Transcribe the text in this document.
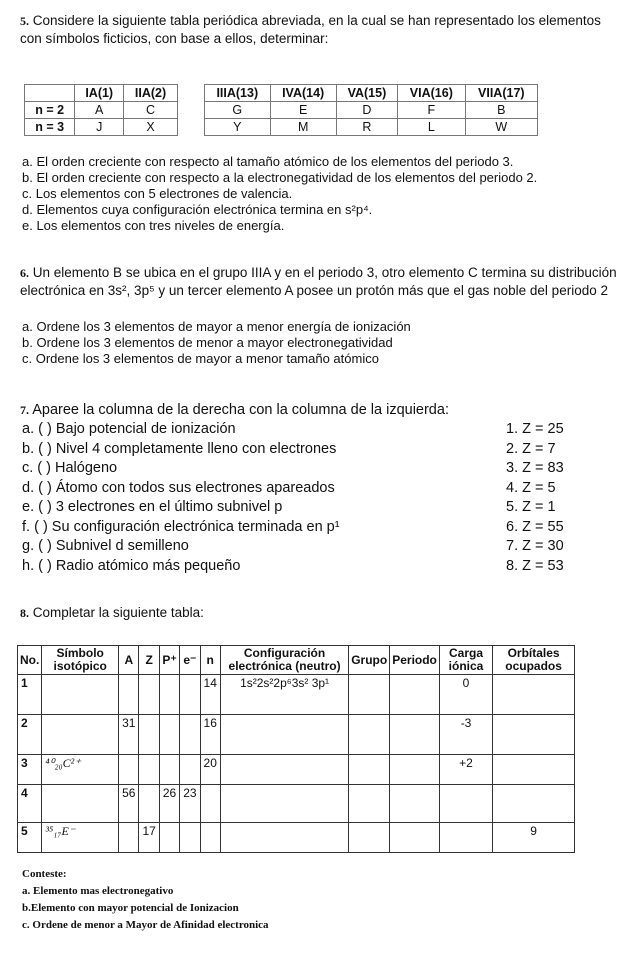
5. Considere la siguiente tabla periódica abreviada, en la cual se han representado los elementos con símbolos ficticios, con base a ellos, determinar:
	IA(1)	IIA(2)
n = 2	A	C
n = 3	J	X
IIIA(13)	IVA(14)	VA(15)	VIA(16)	VIIA(17)
G	E	D	F	B
Y	M	R	L	W
a. El orden creciente con respecto al tamaño atómico de los elementos del periodo 3.
b. El orden creciente con respecto a la electronegatividad de los elementos del periodo 2.
c. Los elementos con 5 electrones de valencia.
d. Elementos cuya configuración electrónica termina en s²p⁴.
e. Los elementos con tres niveles de energía.
6. Un elemento B se ubica en el grupo IIIA y en el periodo 3, otro elemento C termina su distribución electrónica en 3s², 3p⁵ y un tercer elemento A posee un protón más que el gas noble del periodo 2
a. Ordene los 3 elementos de mayor a menor energía de ionización
b. Ordene los 3 elementos de menor a mayor electronegatividad
c. Ordene los 3 elementos de mayor a menor tamaño atómico
7. Aparee la columna de la derecha con la columna de la izquierda:
a. ( ) Bajo potencial de ionización
b. ( ) Nivel 4 completamente lleno con electrones
c. ( ) Halógeno
d. ( ) Átomo con todos sus electrones apareados
e. ( ) 3 electrones en el último subnivel p
f. ( ) Su configuración electrónica terminada en p¹
g. ( ) Subnivel d semilleno
h. ( ) Radio atómico más pequeño
1. Z = 25
2. Z = 7
3. Z = 83
4. Z = 5
5. Z = 1
6. Z = 55
7. Z = 30
8. Z = 53
8. Completar la siguiente tabla:
No.	Símbolo isotópico	A	Z	P⁺	e⁻	n	Configuración electrónica (neutro)	Grupo	Periodo	Carga iónica	Orbítales ocupados
1						14	1s²2s²2p⁶3s² 3p¹			0	
2		31				16				-3	
3	⁴⁰₂₀C²⁺					20				+2	
4		56		26	23						
5	³⁵₁₇E⁻		17								9
Conteste:
a. Elemento mas electronegativo
b.Elemento con mayor potencial de Ionizacion
c. Ordene de menor a Mayor de Afinidad electronica
